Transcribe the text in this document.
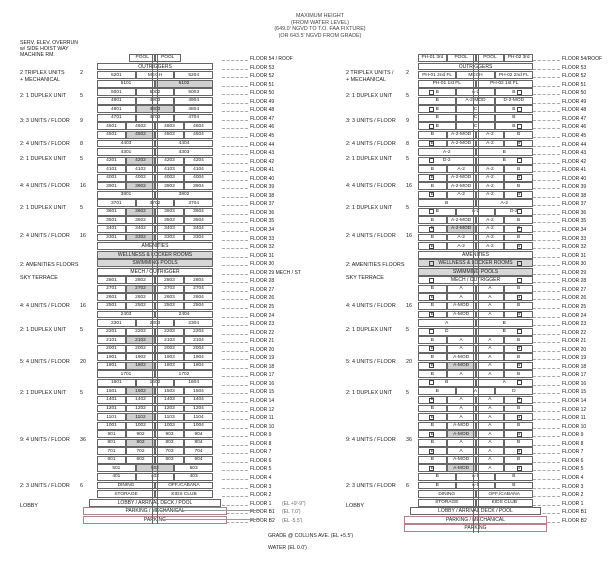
MAXIMUM HEIGHT
(FROM WATER LEVEL)
(649.0' NGVD TO T.O. FAA FIXTURE)
(OR 643.5' NGVD FROM GRADE)
SERV. ELEV. OVERRUN
w/ SIDE HOIST WAY
MACHINE RM.
GRADE @ COLLINS AVE. (EL +5.5')
WATER (EL 0.0')
FLOOR 54 / ROOF
FLOOR 53
FLOOR 52
FLOOR 51
FLOOR 50
FLOOR 49
FLOOR 48
FLOOR 47
FLOOR 46
FLOOR 45
FLOOR 44
FLOOR 43
FLOOR 42
FLOOR 41
FLOOR 40
FLOOR 39
FLOOR 38
FLOOR 37
FLOOR 36
FLOOR 35
FLOOR 34
FLOOR 33
FLOOR 32
FLOOR 31
FLOOR 30
FLOOR 29 MECH / ST
FLOOR 28
FLOOR 27
FLOOR 26
FLOOR 25
FLOOR 24
FLOOR 23
FLOOR 22
FLOOR 21
FLOOR 20
FLOOR 19
FLOOR 18
FLOOR 17
FLOOR 16
FLOOR 15
FLOOR 14
FLOOR 12
FLOOR 11
FLOOR 10
FLOOR 9
FLOOR 8
FLOOR 7
FLOOR 6
FLOOR 5
FLOOR 4
FLOOR 3
FLOOR 2
FLOOR 1 (EL +9'-9")
FLOOR B1 (EL 7.0')
FLOOR B2 (EL -5.5')
FLOOR 54/ROOF
FLOOR 53
FLOOR 52
FLOOR 51
FLOOR 50
FLOOR 49
FLOOR 48
FLOOR 47
FLOOR 46
FLOOR 45
FLOOR 44
FLOOR 43
FLOOR 42
FLOOR 41
FLOOR 40
FLOOR 39
FLOOR 38
FLOOR 37
FLOOR 36
FLOOR 35
FLOOR 34
FLOOR 33
FLOOR 32
FLOOR 31
FLOOR 30
FLOOR 29
FLOOR 28
FLOOR 27
FLOOR 26
FLOOR 25
FLOOR 24
FLOOR 23
FLOOR 22
FLOOR 21
FLOOR 20
FLOOR 19
FLOOR 18
FLOOR 17
FLOOR 16
FLOOR 15
FLOOR 14
FLOOR 12
FLOOR 11
FLOOR 10
FLOOR 9
FLOOR 8
FLOOR 7
FLOOR 6
FLOOR 5
FLOOR 4
FLOOR 3
FLOOR 2
FLOOR 1
FLOOR B1
FLOOR B2
2 TRIPLEX UNITS
+ MECHANICAL
2
2: 1 DUPLEX UNIT	5
3: 3 UNITS / FLOOR 9
2: 4 UNITS / FLOOR 8
2: 1 DUPLEX UNIT	5
4: 4 UNITS / FLOOR 16
2: 1 DUPLEX UNIT	5
2: 4 UNITS / FLOOR 16
2: AMENITIES FLOORS
SKY TERRACE
4: 4 UNITS / FLOOR 16
2: 1 DUPLEX UNIT	5
5: 4 UNITS / FLOOR 20
2: 1 DUPLEX UNIT	5
9: 4 UNITS / FLOOR 36
2: 3 UNITS / FLOOR 6
LOBBY
2 TRIPLEX UNITS /
+ MECHANICAL
2
2: 1 DUPLEX UNIT	5
3: 3 UNITS / FLOOR 9
2: 4 UNITS / FLOOR 8
2: 1 DUPLEX UNIT	5
4: 4 UNITS / FLOOR 16
2: 1 DUPLEX UNIT	5
2: 4 UNITS / FLOOR 16
2: AMENITIES FLOORS
SKY TERRACE
4: 4 UNITS / FLOOR 16
2: 1 DUPLEX UNIT	5
5: 4 UNITS / FLOOR 20
2: 1 DUPLEX UNIT	5
9: 4 UNITS / FLOOR 36
2: 3 UNITS / FLOOR 6
LOBBY
POOL	POOL
OUTRIGGERS
5201	MECH	5204
5101	5102
5001	5002	5003
4901	4903	4904
4801	4803	4804
4701	4703	4704
4601	4602	4603	4604
4501	4502	4503	4504
4403	4404
4301	4303
4201	4202	4203	4204
4101	4102	4103	4104
4001	4002	4003	4004
3901	3902	3903	3904
3801	3802
3701	3702	3704
3601	3602	3603	3604
3501	3502	3503	3504
3401	3402	3403	3404
3301	3302	3303	3304
AMENITIES
WELLNESS & LOCKER ROOMS
SWIMMING POOLS
MECH / OUTRIGGER
2801	2802	2803	2804
2701	2702	2703	2704
2601	2602	2603	2604
2501	2502	2503	2504
2403	2404
2301	2303	2304
2201	2202	2203	2204
2101	2102	2103	2104
2001	2002	2003	2004
1901	1902	1903	1904
1801	1802	1803	1804
1701	1702
1601	1602	1604
1501	1502	1503	1504
1401	1402	1403	1404
1201	1202	1203	1204
1101	1102	1103	1104
1001	1002	1003	1004
901	902	903	904
801	802	803	804
701	702	703	704
601	602	603	604
501	502	503
401	402	403
DINING	OFF./CABANA
STORAGE	KIDS CLUB
LOBBY / ARRIVAL DECK / POOL
PARKING / MECHANICAL
PARKING
PH-01 3rd	POOL	POOL	PH-02 3rd
OUTRIGGERS
PH-01 2nd FL	MECH	PH-02 2nd FL
PH-01 1st FL	PH-02 1st FL
B	A-2	B
B	A-2-MOD	D-2-MOD
B	C	B
B	C	B
B	C	B
B	A-2-MOD	A-2	B
B	A-2-MOD	A-2	B
A-2	B
D-2	B
B	A-2	A-2	B
B	A-2-MOD	A-2	B
B	A-2-MOD	A-2	B
B	A-2	A-2	B
B	A-2
B	A-2	D-2
B	A-2-MOD	A-2	B
B	A-2-MOD	A-2	B
B	A-2	A-2	B
B	A-2	A-2	B
AMENITIES
WELLNESS & LOCKER ROOMS
SWIMMING POOLS
MECH / OUTRIGGER
B	A	A	B
B	A	A	B
B	A-MOD	A	B
B	A-MOD	A	B
A	B
D	B
B	A	A	B
B	A	A	B
B	A-MOD	A	B
B	A-MOD	A	B
B	A	A	B
B	A
B	A	D
B	A	A	B
B	A	A	B
B	A	A	B
B	A-MOD	A	B
B	A-MOD	A	B
B	A	A	B
B	A	A	B
B	A-MOD	A	B
B	A-MOD	A	B
B	A-1	B
B	A-1	B
DINING	OFF./CABANA
STORAGE	KIDS CLUB
LOBBY / ARRIVAL DECK / POOL
PARKING / MECHANICAL
PARKING
